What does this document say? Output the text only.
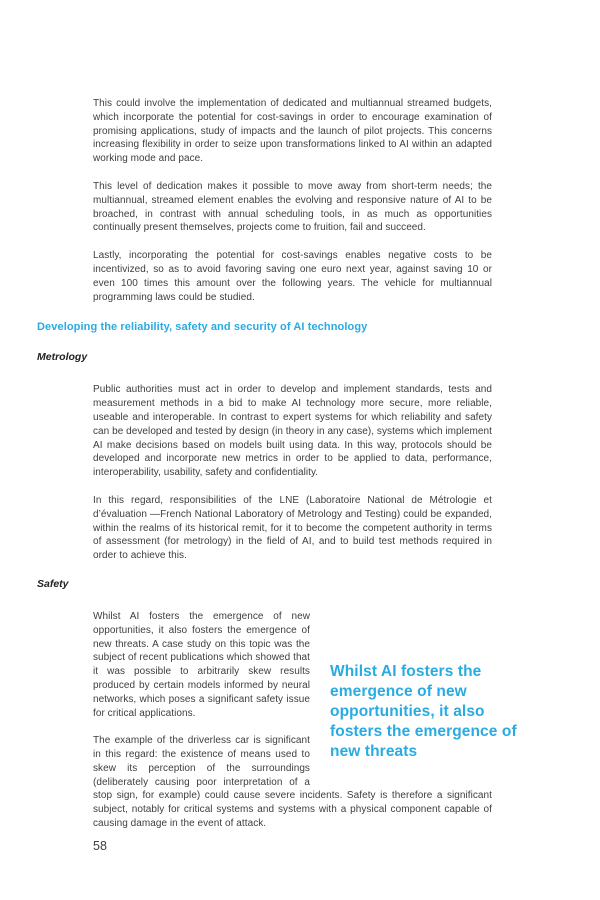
This could involve the implementation of dedicated and multiannual streamed budgets, which incorporate the potential for cost-savings in order to encourage examination of promising applications, study of impacts and the launch of pilot projects. This concerns increasing flexibility in order to seize upon transformations linked to AI within an adapted working mode and pace.

This level of dedication makes it possible to move away from short-term needs; the multiannual, streamed element enables the evolving and responsive nature of AI to be broached, in contrast with annual scheduling tools, in as much as opportunities continually present themselves, projects come to fruition, fail and succeed.

Lastly, incorporating the potential for cost-savings enables negative costs to be incentivized, so as to avoid favoring saving one euro next year, against saving 10 or even 100 times this amount over the following years. The vehicle for multiannual programming laws could be studied.

Developing the reliability, safety and security of AI technology
Metrology

Public authorities must act in order to develop and implement standards, tests and measurement methods in a bid to make AI technology more secure, more reliable, useable and interoperable. In contrast to expert systems for which reliability and safety can be developed and tested by design (in theory in any case), systems which implement AI make decisions based on models built using data. In this way, protocols should be developed and incorporate new metrics in order to be applied to data, performance, interoperability, usability, safety and confidentiality.

In this regard, responsibilities of the LNE (Laboratoire National de Métrologie et d’évaluation —French National Laboratory of Metrology and Testing) could be expanded, within the realms of its historical remit, for it to become the competent authority in terms of assessment (for metrology) in the field of AI, and to build test methods required in order to achieve this.

Safety
Whilst AI fosters the
emergence of new
opportunities, it also
fosters the emergence of
new threats

Whilst AI fosters the emergence of new opportunities, it also fosters the emergence of new threats. A case study on this topic was the subject of recent publications which showed that it was possible to arbitrarily skew results produced by certain models informed by neural networks, which poses a significant safety issue for critical applications.

The example of the driverless car is significant in this regard: the existence of means used to skew its perception of the surroundings (deliberately causing poor interpretation of a stop sign, for example) could cause severe incidents. Safety is therefore a significant subject, notably for critical systems and systems with a physical component capable of causing damage in the event of attack.

58
